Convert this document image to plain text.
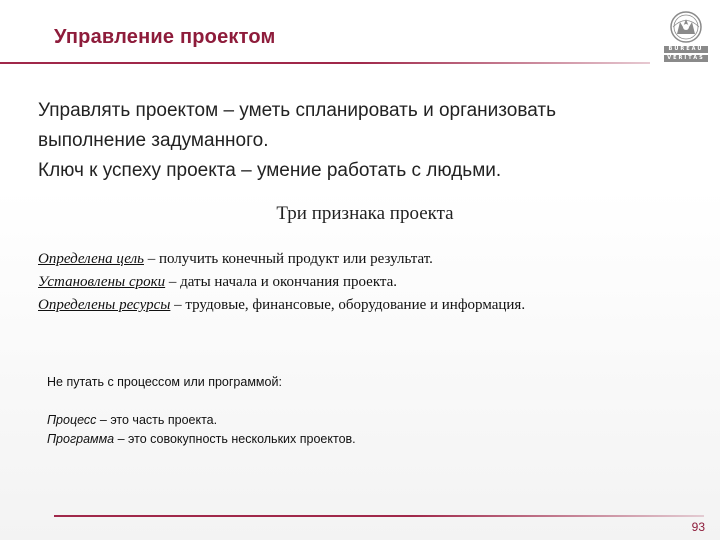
Управление проектом
BUREAU
VERITAS
Управлять проектом – уметь спланировать и организовать
выполнение задуманного.
Ключ к успеху проекта – умение работать с людьми.
Три признака проекта
Определена цель – получить конечный продукт или результат.
Установлены сроки – даты начала и окончания проекта.
Определены ресурсы – трудовые, финансовые, оборудование и информация.
Не путать с процессом или программой:
Процесс – это часть проекта.
Программа – это совокупность нескольких проектов.
93
